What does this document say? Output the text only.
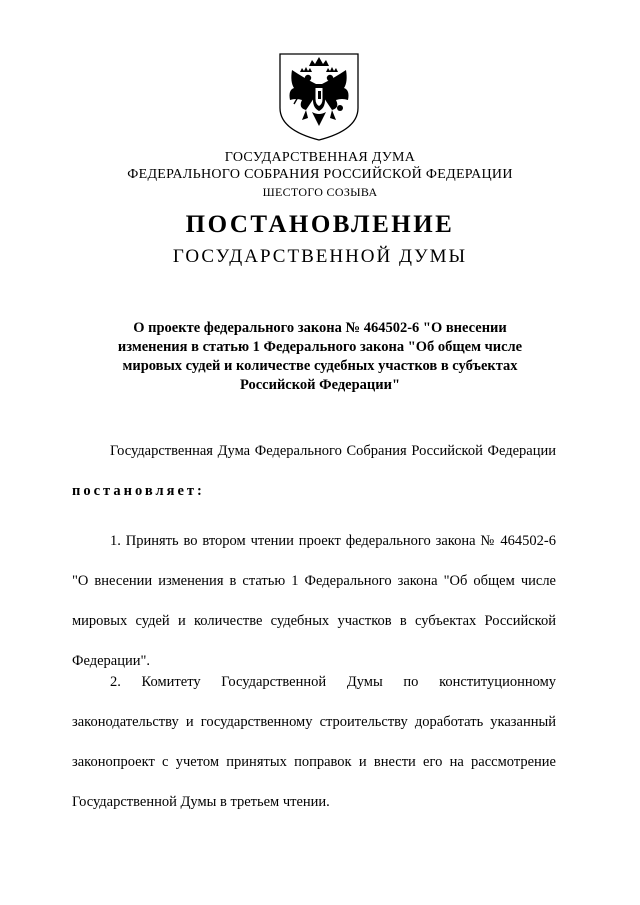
ГОСУДАРСТВЕННАЯ ДУМА
ФЕДЕРАЛЬНОГО СОБРАНИЯ РОССИЙСКОЙ ФЕДЕРАЦИИ
ШЕСТОГО СОЗЫВА
ПОСТАНОВЛЕНИЕ
ГОСУДАРСТВЕННОЙ ДУМЫ
О проекте федерального закона № 464502-6 "О внесении изменения в статью 1 Федерального закона "Об общем числе мировых судей и количестве судебных участков в субъектах Российской Федерации"
Государственная Дума Федерального Собрания Российской Федерации постановляет:
1. Принять во втором чтении проект федерального закона № 464502-6 "О внесении изменения в статью 1 Федерального закона "Об общем числе мировых судей и количестве судебных участков в субъектах Российской Федерации".
2. Комитету Государственной Думы по конституционному законодательству и государственному строительству доработать указанный законопроект с учетом принятых поправок и внести его на рассмотрение Государственной Думы в третьем чтении.
